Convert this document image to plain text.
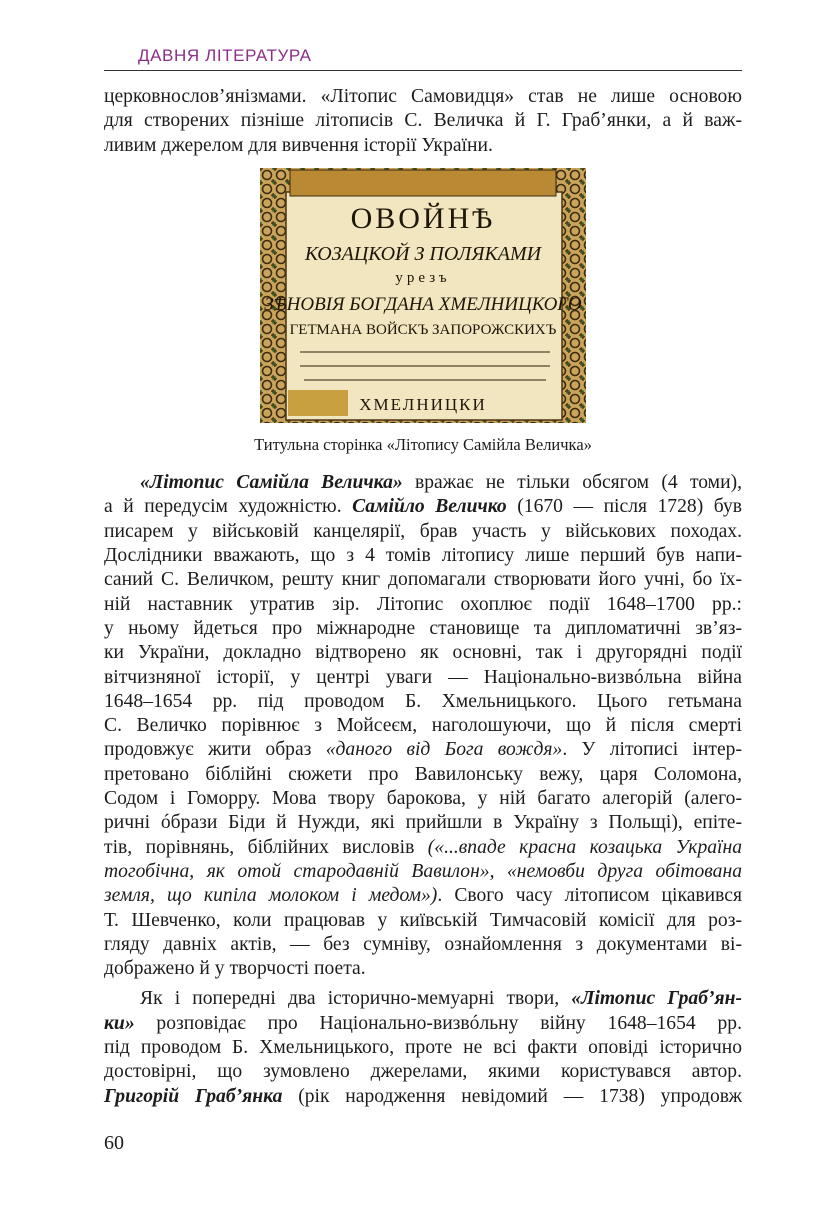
ДАВНЯ ЛІТЕРАТУРА

церковнослов’янізмами. «Літопис Самовидця» став не лише основою
для створених пізніше літописів С. Величка й Г. Граб’янки, а й важ-
ливим джерелом для вивчення історії України.

ОВОЙНѢ
КОЗАЦКОЙ З ПОЛЯКАМИ
урезъ
ЗѢНОВІЯ БОГДАНА ХМЕЛНИЦКОГО
ГЕТМАНА ВОЙСКЪ ЗАПОРОЖСКИХЪ
ХМЕЛНИЦКИ
Титульна сторінка «Літопису Самійла Величка»

«Літопис Самійла Величка» вражає не тільки обсягом (4 томи),
а й передусім художністю. Самійло Величко (1670 — після 1728) був
писарем у військовій канцелярії, брав участь у військових походах.
Дослідники вважають, що з 4 томів літопису лише перший був напи-
саний С. Величком, решту книг допомагали створювати його учні, бо їх-
ній наставник утратив зір. Літопис охоплює події 1648–1700 рр.:
у ньому йдеться про міжнародне становище та дипломатичні зв’яз-
ки України, докладно відтворено як основні, так і другорядні події
вітчизняної історії, у центрі уваги — Національно-визвóльна війна
1648–1654 рр. під проводом Б. Хмельницького. Цього гетьмана
С. Величко порівнює з Мойсеєм, наголошуючи, що й після смерті
продовжує жити образ «даного від Бога вождя». У літописі інтер-
претовано біблійні сюжети про Вавилонську вежу, царя Соломона,
Содом і Гоморру. Мова твору барокова, у ній багато алегорій (алего-
ричні óбрази Біди й Нужди, які прийшли в Україну з Польщі), епіте-
тів, порівнянь, біблійних висловів («...впаде красна козацька Україна
тогобічна, як отой стародавній Вавилон», «немовби друга обітована
земля, що кипіла молоком і медом»). Свого часу літописом цікавився
Т. Шевченко, коли працював у київській Тимчасовій комісії для роз-
гляду давніх актів, — без сумніву, ознайомлення з документами ві-
дображено й у творчості поета.

Як і попередні два історично-мемуарні твори, «Літопис Граб’ян-
ки» розповідає про Національно-визвóльну війну 1648–1654 рр.
під проводом Б. Хмельницького, проте не всі факти оповіді історично
достовірні, що зумовлено джерелами, якими користувався автор.
Григорій Граб’янка (рік народження невідомий — 1738) упродовж

60
